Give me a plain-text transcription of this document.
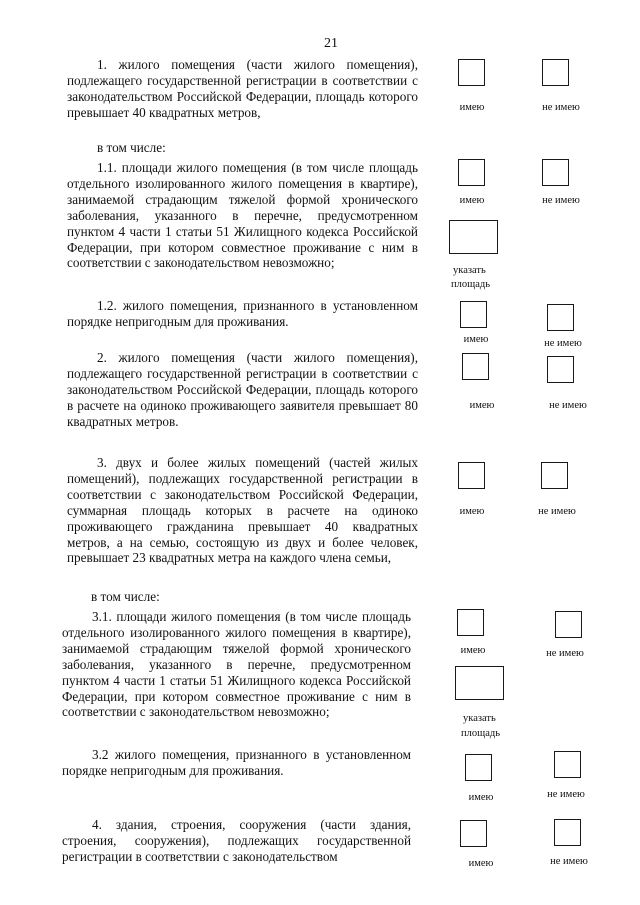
21

1. жилого помещения (части жилого помещения), подлежащего государственной регистрации в соответствии с законодательством Российской Федерации, площадь которого превышает 40 квадратных метров,	имею	не имею
в том числе:

1.1. площади жилого помещения (в том числе площадь отдельного изолированного жилого помещения в квартире), занимаемой страдающим тяжелой формой хронического заболевания, указанного в перечне, предусмотренном пунктом 4 части 1 статьи 51 Жилищного кодекса Российской Федерации, при котором совместное проживание с ним в соответствии с законодательством невозможно;

имею	не имею
указать
площадь

1.2. жилого помещения, признанного в установленном порядке непригодным для проживания.

имею	не имею

2. жилого помещения (части жилого помещения), подлежащего государственной регистрации в соответствии с законодательством Российской Федерации, площадь которого в расчете на одиноко проживающего заявителя превышает 80 квадратных метров.

имею	не имею

3. двух и более жилых помещений (частей жилых помещений), подлежащих государственной регистрации в соответствии с законодательством Российской Федерации, суммарная площадь которых в расчете на одиноко проживающего гражданина превышает 40 квадратных метров, а на семью, состоящую из двух и более человек, превышает 23 квадратных метра на каждого члена семьи,

имею	не имею
в том числе:

3.1. площади жилого помещения (в том числе площадь отдельного изолированного жилого помещения в квартире), занимаемой страдающим тяжелой формой хронического заболевания, указанного в перечне, предусмотренном пунктом 4 части 1 статьи 51 Жилищного кодекса Российской Федерации, при котором совместное проживание с ним в соответствии с законодательством невозможно;

имею	не имею
указать
площадь

3.2 жилого помещения, признанного в установленном порядке непригодным для проживания.

имею	не имею

4. здания, строения, сооружения (части здания, строения, сооружения), подлежащих государственной регистрации в соответствии с законодательством	имею	не имею
